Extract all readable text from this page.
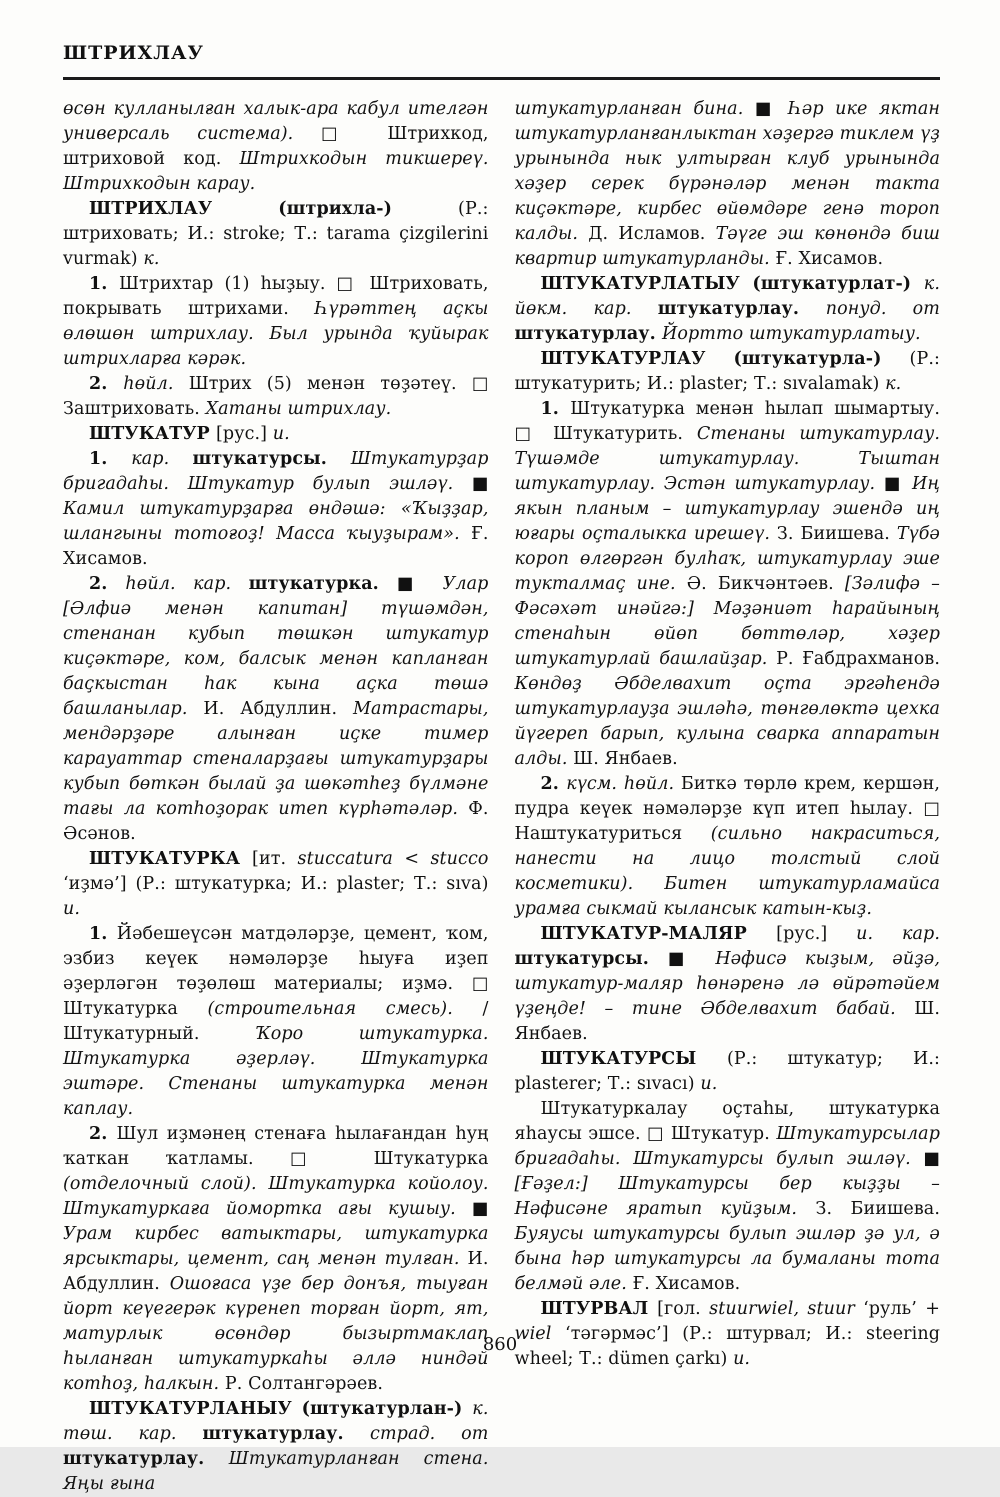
ШТРИХЛАУ

өсөн кулланылған халык-ара кабул ителгән универсаль система). □ Штрихкод, штриховой код. Штрихкодын тикшереү. Штрихкодын карау.

ШТРИХЛАУ (штрихла-) (Р.: штриховать; И.: stroke; Т.: tarama çizgilerini vurmak) к.

1. Штрихтар (1) һыҙыу. □ Штриховать, покрывать штрихами. Һүрәттең аҫкы өлөшөн штрихлау. Был урында ҡуйырак штрихларға кәрәк.

2. һөйл. Штрих (5) менән төҙәтеү. □ Заштриховать. Хатаны штрихлау.

ШТУКАТУР [рус.] и.

1. кар. штукатурсы. Штукатурҙар бригадаһы. Штукатур булып эшләү. ■ Камил штукатурҙарға өндәшә: «Ҡыҙҙар, шлангыны тотоғоҙ! Масса ҡыуҙырам». Ғ. Хисамов.

2. һөйл. кар. штукатурка. ■ Улар [Әлфиә менән капитан] түшәмдән, стенанан кубып төшкән штукатур киҫәктәре, ком, балсык менән капланған баҫкыстан һак кына аҫка төшә башланылар. И. Абдуллин. Матрастары, мендәрҙәре алынған иҫке тимер карауаттар стеналарҙағы штукатурҙары кубып бөткән былай ҙа шөкәтһеҙ бүлмәне тағы ла котһоҙорак итеп күрһәтәләр. Ф. Әсәнов.

ШТУКАТУРКА [ит. stuccatura < stucco ‘иҙмә’] (Р.: штукатурка; И.: plaster; Т.: sıva) и.

1. Йәбешеүсән матдәләрҙе, цемент, ҡом, эзбиз кеүек нәмәләрҙе һыуға иҙеп әҙерләгән төҙөлөш материалы; иҙмә. □ Штукатурка (строительная смесь). / Штукатурный. Ҡоро штукатурка. Штукатурка әҙерләү. Штукатурка эштәре. Стенаны штукатурка менән каплау.

2. Шул иҙмәнең стенаға һылағандан һуң ҡаткан ҡатламы. □ Штукатурка (отделочный слой). Штукатурка койолоу. Штукатуркаға йомортка ағы кушыу. ■ Урам кирбес ватыктары, штукатурка ярсыктары, цемент, саң менән тулған. И. Абдуллин. Ошоғаса үҙе бер донъя, тыуған йорт кеүегерәк күренеп торған йорт, ят, матурлык өсөндөр бызыртмаклап һыланған штукатуркаһы әллә ниндәй котһоҙ, һалкын. Р. Солтангәрәев.

ШТУКАТУРЛАНЫУ (штукатурлан-) к. төш. кар. штукатурлау. страд. от штукатурлау. Штукатурланған стена. Яңы ғына

штукатурланған бина. ■ Һәр ике яктан штукатурланғанлыктан хәҙергә тиклем үҙ урынында нык ултырған клуб урынында хәҙер серек бүрәнәләр менән такта киҫәктәре, кирбес өйөмдәре генә тороп калды. Д. Исламов. Тәүге эш көнөндә биш квартир штукатурланды. Ғ. Хисамов.

ШТУКАТУРЛАТЫУ (штукатурлат-) к. йөкм. кар. штукатурлау. понуд. от штукатурлау. Йортто штукатурлатыу.

ШТУКАТУРЛАУ (штукатурла-) (Р.: штукатурить; И.: plaster; Т.: sıvalamak) к.

1. Штукатурка менән һылап шымартыу. □ Штукатурить. Стенаны штукатурлау. Түшәмде штукатурлау. Тыштан штукатурлау. Эстән штукатурлау. ■ Иң якын планым – штукатурлау эшендә иң юғары оҫталыкка ирешеү. З. Биишева. Түбә короп өлгөргән булһаҡ, штукатурлау эше тукталмаҫ ине. Ә. Бикчәнтәев. [Зәлифә – Фәсәхәт инәйгә:] Мәҙәниәт һарайының стенаһын өйөп бөттөләр, хәҙер штукатурлай башлайҙар. Р. Ғабдрахманов. Көндөҙ Әбделвахит оҫта эргәһендә штукатурлауҙа эшләһә, төнгөлөктә цехка йүгереп барып, кулына сварка аппаратын алды. Ш. Янбаев.

2. күсм. һөйл. Биткә төрлө крем, кершән, пудра кеүек нәмәләрҙе күп итеп һылау. □ Наштукатуриться (сильно накраситься, нанести на лицо толстый слой косметики). Битен штукатурламайса урамға сыкмай кылансык катын-кыҙ.

ШТУКАТУР-МАЛЯР [рус.] и. кар. штукатурсы. ■ Нәфисә кыҙым, әйҙә, штукатур-маляр һөнәренә лә өйрәтәйем үҙеңде! – тине Әбделвахит бабай. Ш. Янбаев.

ШТУКАТУРСЫ (Р.: штукатур; И.: plasterer; Т.: sıvacı) и.

Штукатуркалау оҫтаһы, штукатурка яһаусы эшсе. □ Штукатур. Штукатурсылар бригадаһы. Штукатурсы булып эшләү. ■ [Ғәҙел:] Штукатурсы бер кыҙҙы – Нәфисәне яратып куйҙым. З. Биишева. Буяусы штукатурсы булып эшләр ҙә ул, ә бына һәр штукатурсы ла бумаланы тота белмәй әле. Ғ. Хисамов.

ШТУРВАЛ [гол. stuurwiel, stuur ‘руль’ + wiel ‘тәгәрмәс’] (Р.: штурвал; И.: steering wheel; Т.: dümen çarkı) и.

860
